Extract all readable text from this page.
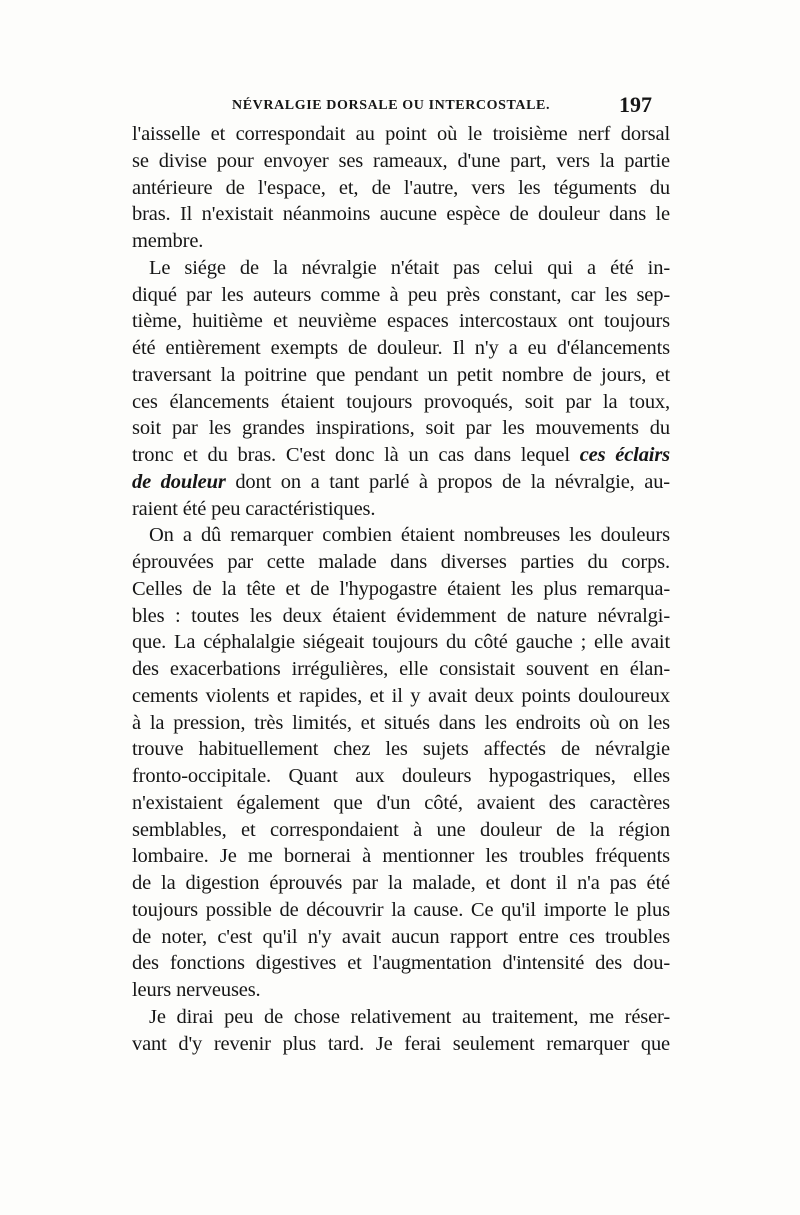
NÉVRALGIE DORSALE OU INTERCOSTALE.	197
l'aisselle et correspondait au point où le troisième nerf dorsal
se divise pour envoyer ses rameaux, d'une part, vers la partie
antérieure de l'espace, et, de l'autre, vers les téguments du
bras. Il n'existait néanmoins aucune espèce de douleur dans le
membre.
Le siége de la névralgie n'était pas celui qui a été in-
diqué par les auteurs comme à peu près constant, car les sep-
tième, huitième et neuvième espaces intercostaux ont toujours
été entièrement exempts de douleur. Il n'y a eu d'élancements
traversant la poitrine que pendant un petit nombre de jours, et
ces élancements étaient toujours provoqués, soit par la toux,
soit par les grandes inspirations, soit par les mouvements du
tronc et du bras. C'est donc là un cas dans lequel ces éclairs
de douleur dont on a tant parlé à propos de la névralgie, au-
raient été peu caractéristiques.
On a dû remarquer combien étaient nombreuses les douleurs
éprouvées par cette malade dans diverses parties du corps.
Celles de la tête et de l'hypogastre étaient les plus remarqua-
bles : toutes les deux étaient évidemment de nature névralgi-
que. La céphalalgie siégeait toujours du côté gauche ; elle avait
des exacerbations irrégulières, elle consistait souvent en élan-
cements violents et rapides, et il y avait deux points douloureux
à la pression, très limités, et situés dans les endroits où on les
trouve habituellement chez les sujets affectés de névralgie
fronto-occipitale. Quant aux douleurs hypogastriques, elles
n'existaient également que d'un côté, avaient des caractères
semblables, et correspondaient à une douleur de la région
lombaire. Je me bornerai à mentionner les troubles fréquents
de la digestion éprouvés par la malade, et dont il n'a pas été
toujours possible de découvrir la cause. Ce qu'il importe le plus
de noter, c'est qu'il n'y avait aucun rapport entre ces troubles
des fonctions digestives et l'augmentation d'intensité des dou-
leurs nerveuses.
Je dirai peu de chose relativement au traitement, me réser-
vant d'y revenir plus tard. Je ferai seulement remarquer que
